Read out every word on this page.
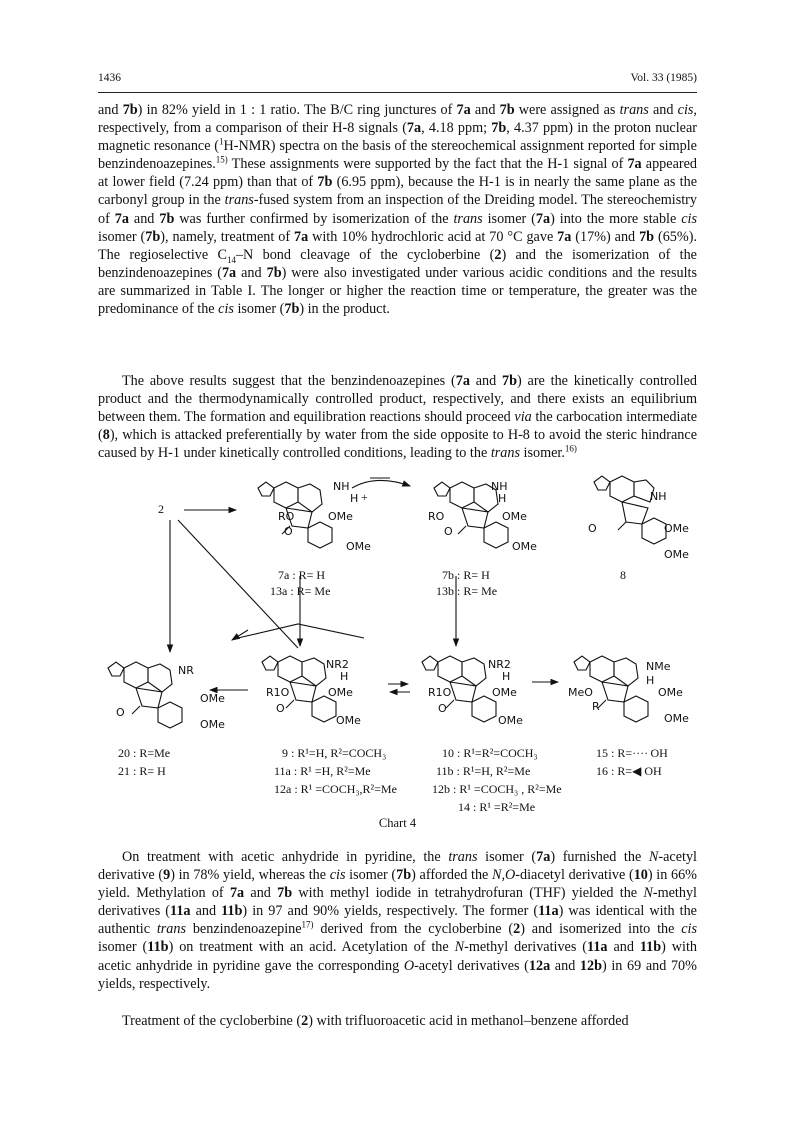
1436	Vol. 33 (1985)

and 7b) in 82% yield in 1 : 1 ratio. The B/C ring junctures of 7a and 7b were assigned as trans and cis, respectively, from a comparison of their H-8 signals (7a, 4.18 ppm; 7b, 4.37 ppm) in the proton nuclear magnetic resonance ($^1$H-NMR) spectra on the basis of the stereochemical assignment reported for simple benzindenoazepines.$^{15)}$ These assignments were supported by the fact that the H-1 signal of 7a appeared at lower field (7.24 ppm) than that of 7b (6.95 ppm), because the H-1 is in nearly the same plane as the carbonyl group in the trans-fused system from an inspection of the Dreiding model. The stereochemistry of 7a and 7b was further confirmed by isomerization of the trans isomer (7a) into the more stable cis isomer (7b), namely, treatment of 7a with 10% hydrochloric acid at 70 °C gave 7a (17%) and 7b (65%). The regioselective $C_{14}-N$ bond cleavage of the cycloberbine (2) and the isomerization of the benzindenoazepines (7a and 7b) were also investigated under various acidic conditions and the results are summarized in Table I. The longer or higher the reaction time or temperature, the greater was the predominance of the cis isomer (7b) in the product.

The above results suggest that the benzindenoazepines (7a and 7b) are the kinetically controlled product and the thermodynamically controlled product, respectively, and there exists an equilibrium between them. The formation and equilibration reactions should proceed via the carbocation intermediate (8), which is attacked preferentially by water from the side opposite to H-8 to avoid the steric hindrance caused by H-1 under kinetically controlled conditions, leading to the trans isomer.$^{16)}$

2
NH
H
OMe
OMe
RO
O
+
NH
H
OMe
OMe
RO
O
NH
OMe
OMe
O
7a : R= H
13a : R= Me
7b : R= H
13b : R= Me
8
NR
OMe
OMe
O
NR2
H
OMe
OMe
R1O
O
NR2
H
OMe
OMe
R1O
O
NMe
H
OMe
OMe
MeO
R
20 : R=Me
21 : R= H
9 : R¹=H, R²=COCH₃
11a : R¹ =H, R²=Me
12a : R¹ =COCH₃,R²=Me
10 : R¹=R²=COCH₃
11b : R¹=H, R²=Me
12b : R¹ =COCH₃ , R²=Me
14 : R¹ =R²=Me
15 : R=···· OH
16 : R=◀ OH
Chart 4

On treatment with acetic anhydride in pyridine, the trans isomer (7a) furnished the N-acetyl derivative (9) in 78% yield, whereas the cis isomer (7b) afforded the N,O-diacetyl derivative (10) in 66% yield. Methylation of 7a and 7b with methyl iodide in tetrahydrofuran (THF) yielded the N-methyl derivatives (11a and 11b) in 97 and 90% yields, respectively. The former (11a) was identical with the authentic trans benzindenoazepine$^{17)}$ derived from the cycloberbine (2) and isomerized into the cis isomer (11b) on treatment with an acid. Acetylation of the N-methyl derivatives (11a and 11b) with acetic anhydride in pyridine gave the corresponding O-acetyl derivatives (12a and 12b) in 69 and 70% yields, respectively.

Treatment of the cycloberbine (2) with trifluoroacetic acid in methanol–benzene afforded
